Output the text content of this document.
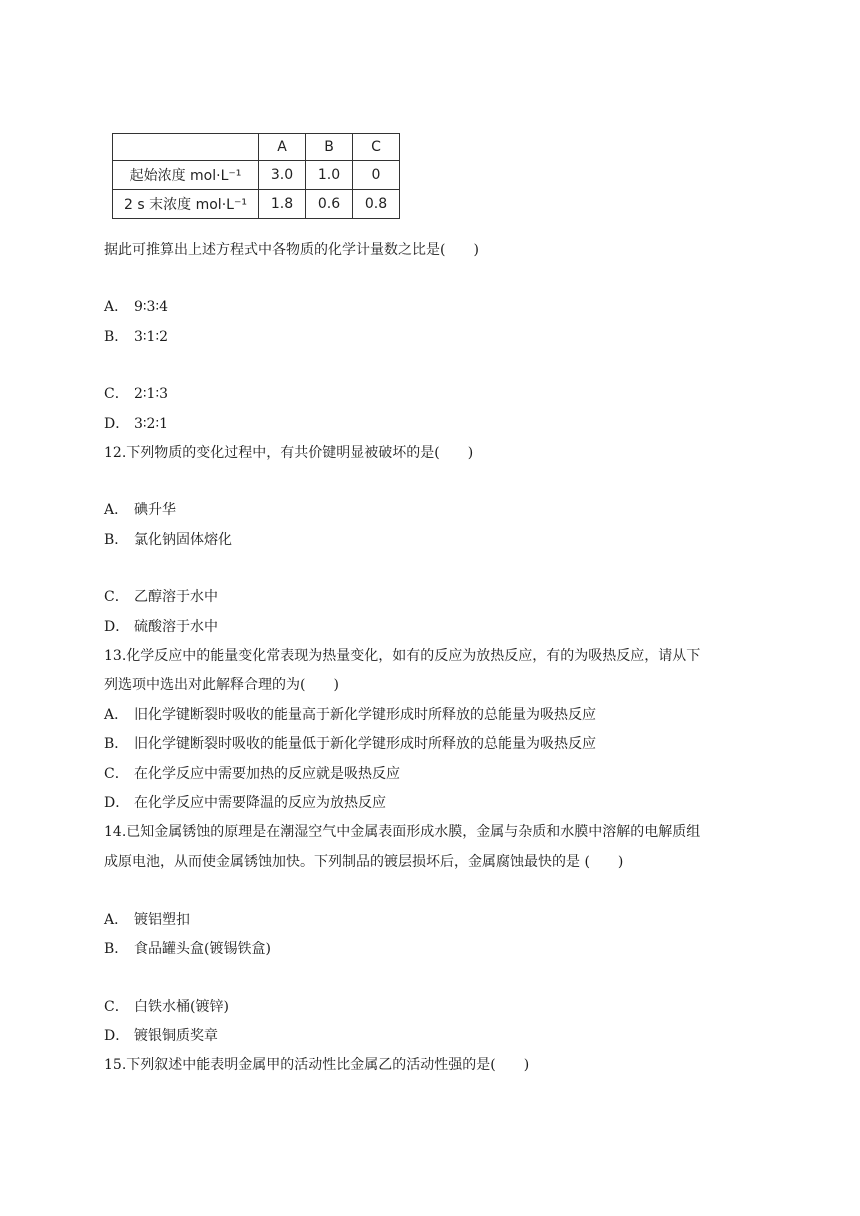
	A	B	C
起始浓度 mol·L⁻¹	3.0	1.0	0
2 s 末浓度 mol·L⁻¹	1.8	0.6	0.8
据此可推算出上述方程式中各物质的化学计量数之比是(　　)
A． 9∶3∶4
B． 3∶1∶2
C． 2∶1∶3
D． 3∶2∶1
12.下列物质的变化过程中，有共价键明显被破坏的是(　　)
A． 碘升华
B． 氯化钠固体熔化
C． 乙醇溶于水中
D． 硫酸溶于水中
13.化学反应中的能量变化常表现为热量变化，如有的反应为放热反应，有的为吸热反应，请从下
列选项中选出对此解释合理的为(　　)
A． 旧化学键断裂时吸收的能量高于新化学键形成时所释放的总能量为吸热反应
B． 旧化学键断裂时吸收的能量低于新化学键形成时所释放的总能量为吸热反应
C． 在化学反应中需要加热的反应就是吸热反应
D． 在化学反应中需要降温的反应为放热反应
14.已知金属锈蚀的原理是在潮湿空气中金属表面形成水膜，金属与杂质和水膜中溶解的电解质组
成原电池，从而使金属锈蚀加快。下列制品的镀层损坏后，金属腐蚀最快的是 (　　)
A． 镀铝塑扣
B． 食品罐头盒(镀锡铁盒)
C． 白铁水桶(镀锌)
D． 镀银铜质奖章
15.下列叙述中能表明金属甲的活动性比金属乙的活动性强的是(　　)
